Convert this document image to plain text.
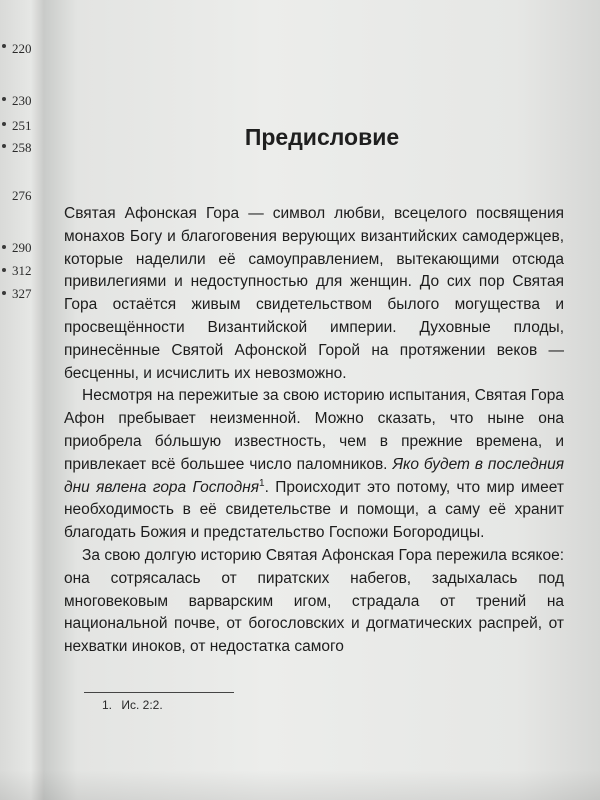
220
230
251
258
276
290
312
327
Предисловие

Святая Афонская Гора — символ любви, всецелого посвящения монахов Богу и благоговения верующих византийских самодержцев, которые наделили её самоуправлением, вытекающими отсюда привилегиями и недоступностью для женщин. До сих пор Святая Гора остаётся живым свидетельством былого могущества и просвещённости Византийской империи. Духовные плоды, принесённые Святой Афонской Горой на протяжении веков — бесценны, и исчислить их невозможно.

Несмотря на пережитые за свою историю испытания, Святая Гора Афон пребывает неизменной. Можно сказать, что ныне она приобрела бóльшую известность, чем в прежние времена, и привлекает всё большее число паломников. Яко будет в последния дни явлена гора Господня$^1$. Происходит это потому, что мир имеет необходимость в её свидетельстве и помощи, а саму её хранит благодать Божия и предстательство Госпожи Богородицы.

За свою долгую историю Святая Афонская Гора пережила всякое: она сотрясалась от пиратских набегов, задыхалась под многовековым варварским игом, страдала от трений на национальной почве, от богословских и догматических распрей, от нехватки иноков, от недостатка самого

1. Ис. 2:2.
